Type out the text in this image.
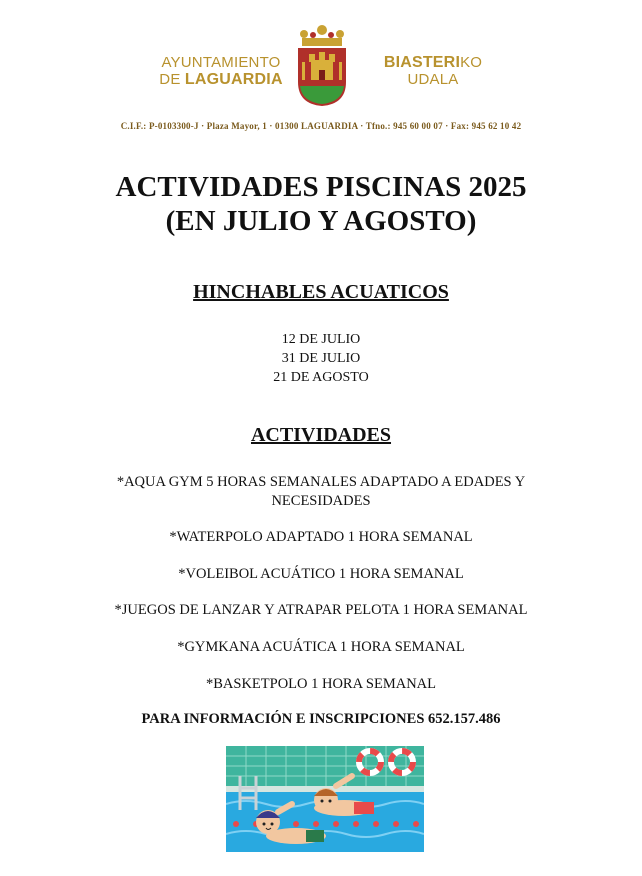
AYUNTAMIENTO
DE LAGUARDIA
BIASTERIKO
UDALA
C.I.F.: P-0103300-J · Plaza Mayor, 1 · 01300 LAGUARDIA · Tfno.: 945 60 00 07 · Fax: 945 62 10 42
ACTIVIDADES PISCINAS 2025
(EN JULIO Y AGOSTO)
HINCHABLES ACUATICOS
12 DE JULIO
31 DE JULIO
21 DE AGOSTO
ACTIVIDADES
*AQUA GYM 5 HORAS SEMANALES ADAPTADO A EDADES Y NECESIDADES
*WATERPOLO ADAPTADO 1 HORA SEMANAL
*VOLEIBOL ACUÁTICO 1 HORA SEMANAL
*JUEGOS DE LANZAR Y ATRAPAR PELOTA 1 HORA SEMANAL
*GYMKANA ACUÁTICA 1 HORA SEMANAL
*BASKETPOLO 1 HORA SEMANAL
PARA INFORMACIÓN E INSCRIPCIONES 652.157.486
